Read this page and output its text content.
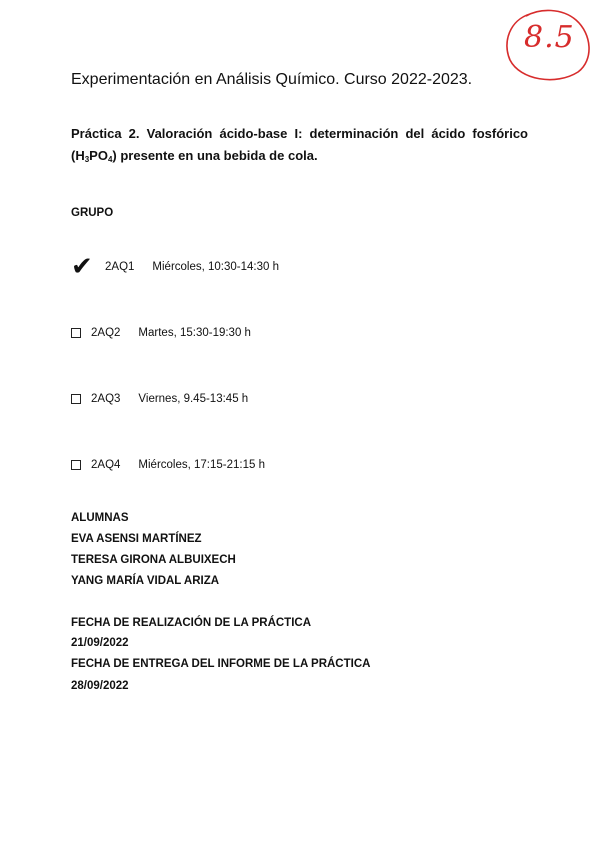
8.5
Experimentación en Análisis Químico. Curso 2022-2023.
Práctica 2. Valoración ácido-base I: determinación del ácido fosfórico $(H_3PO_4)$ presente en una bebida de cola.
GRUPO
✔	2AQ1 Miércoles, 10:30-14:30 h
2AQ2 Martes, 15:30-19:30 h
2AQ3 Viernes, 9.45-13:45 h
2AQ4 Miércoles, 17:15-21:15 h
ALUMNAS
EVA ASENSI MARTÍNEZ
TERESA GIRONA ALBUIXECH
YANG MARÍA VIDAL ARIZA
FECHA DE REALIZACIÓN DE LA PRÁCTICA
21/09/2022
FECHA DE ENTREGA DEL INFORME DE LA PRÁCTICA
28/09/2022
